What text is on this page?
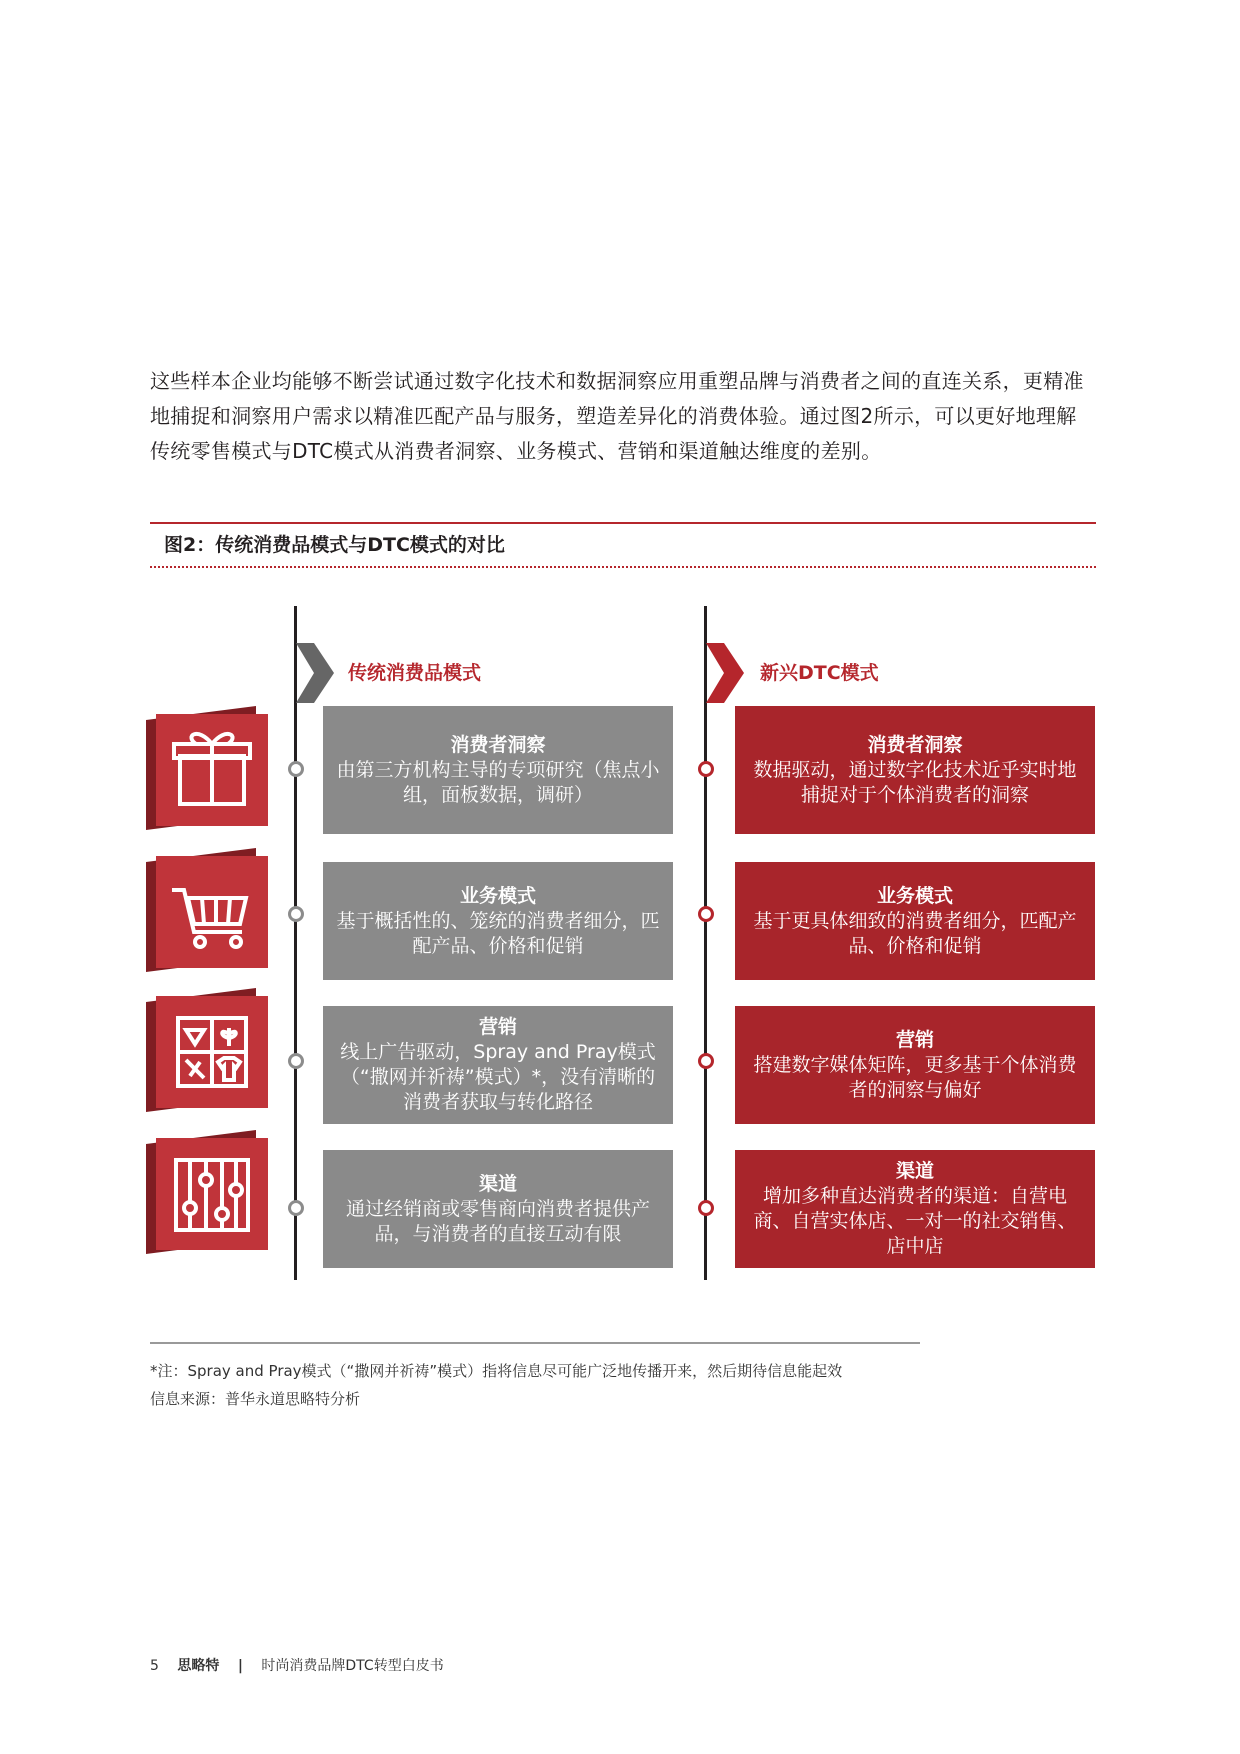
这些样本企业均能够不断尝试通过数字化技术和数据洞察应用重塑品牌与消费者之间的直连关系，更精准地捕捉和洞察用户需求以精准匹配产品与服务，塑造差异化的消费体验。通过图2所示，可以更好地理解传统零售模式与DTC模式从消费者洞察、业务模式、营销和渠道触达维度的差别。
图2：传统消费品模式与DTC模式的对比
传统消费品模式	新兴DTC模式
消费者洞察
由第三方机构主导的专项研究（焦点小组，面板数据，调研）
消费者洞察
数据驱动，通过数字化技术近乎实时地捕捉对于个体消费者的洞察
业务模式
基于概括性的、笼统的消费者细分，匹配产品、价格和促销
业务模式
基于更具体细致的消费者细分，匹配产品、价格和促销
营销
线上广告驱动，Spray and Pray模式（“撒网并祈祷”模式）*，没有清晰的消费者获取与转化路径
营销
搭建数字媒体矩阵，更多基于个体消费者的洞察与偏好
渠道
通过经销商或零售商向消费者提供产品，与消费者的直接互动有限
渠道
增加多种直达消费者的渠道：自营电商、自营实体店、一对一的社交销售、店中店
*注：Spray and Pray模式（“撒网并祈祷”模式）指将信息尽可能广泛地传播开来，然后期待信息能起效
信息来源：普华永道思略特分析
5 思略特 | 时尚消费品牌DTC转型白皮书
